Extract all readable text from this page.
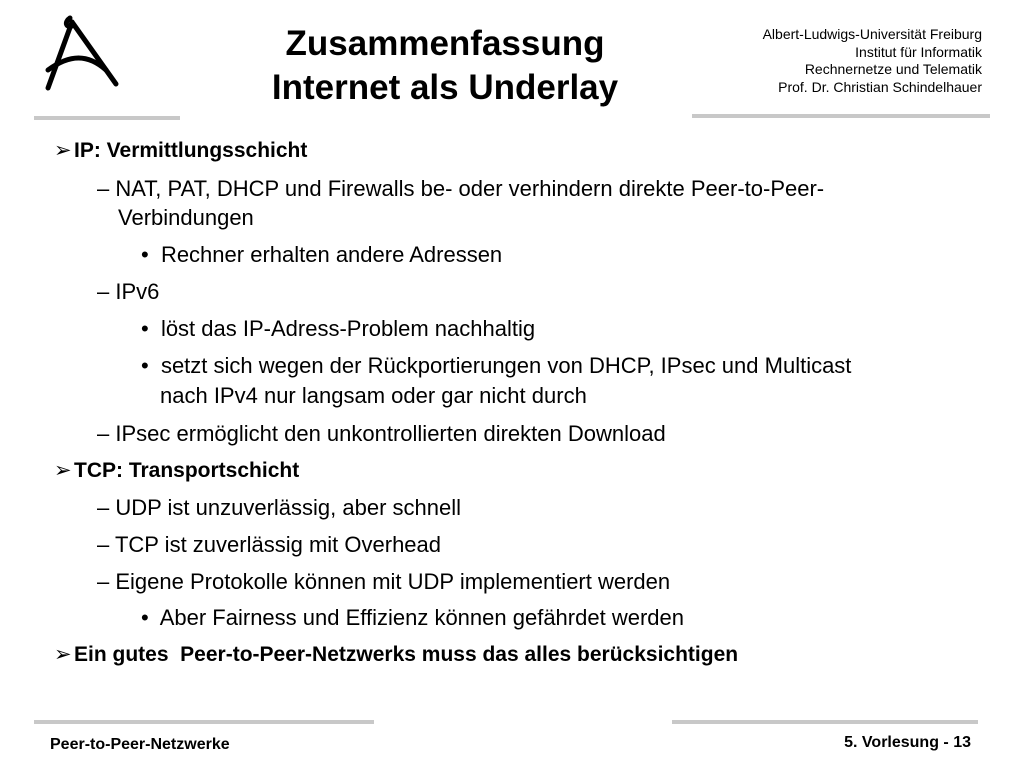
Zusammenfassung
Internet als Underlay
Albert-Ludwigs-Universität Freiburg
Institut für Informatik
Rechnernetze und Telematik
Prof. Dr. Christian Schindelhauer
➢ IP: Vermittlungsschicht
– NAT, PAT, DHCP und Firewalls be- oder verhindern direkte Peer-to-Peer-
Verbindungen
• Rechner erhalten andere Adressen
– IPv6
• löst das IP-Adress-Problem nachhaltig
• setzt sich wegen der Rückportierungen von DHCP, IPsec und Multicast
nach IPv4 nur langsam oder gar nicht durch
– IPsec ermöglicht den unkontrollierten direkten Download
➢ TCP: Transportschicht
– UDP ist unzuverlässig, aber schnell
– TCP ist zuverlässig mit Overhead
– Eigene Protokolle können mit UDP implementiert werden
• Aber Fairness und Effizienz können gefährdet werden
➢ Ein gutes  Peer-to-Peer-Netzwerks muss das alles berücksichtigen
Peer-to-Peer-Netzwerke	5. Vorlesung - 13
